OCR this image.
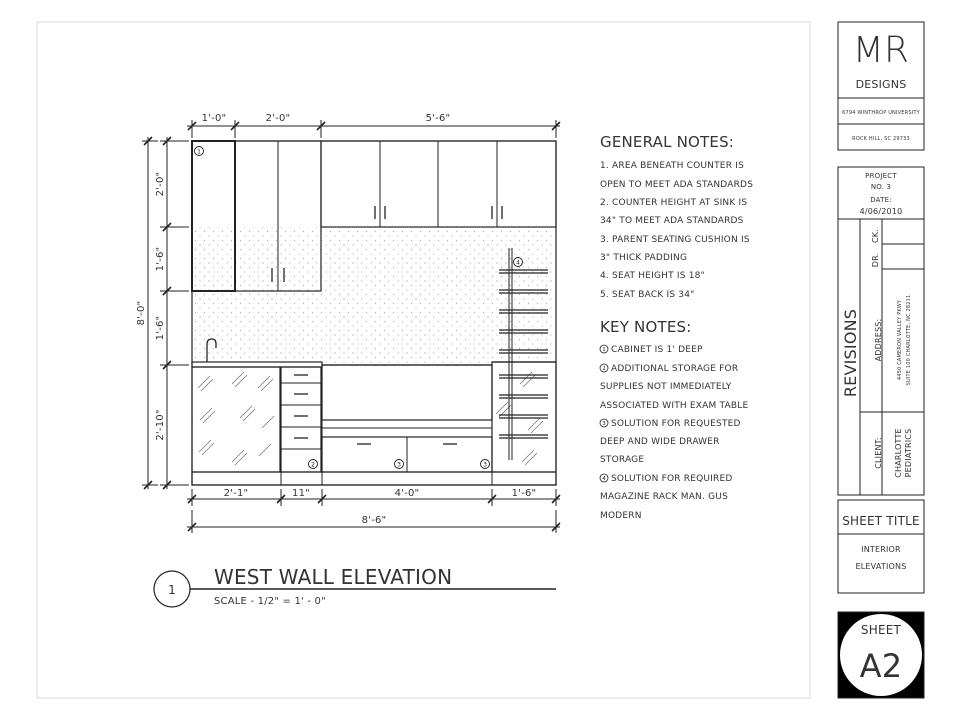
1
2	3	3
4
1'-0"	2'-0"	5'-6"
2'-1"	11"	4'-0"	1'-6"
8'-6"
2'-0"
1'-6"
1'-6"
2'-10"
8'-0"
GENERAL NOTES:
1. AREA BENEATH COUNTER IS
OPEN TO MEET ADA STANDARDS
2. COUNTER HEIGHT AT SINK IS
34" TO MEET ADA STANDARDS
3. PARENT SEATING CUSHION IS
3" THICK PADDING
4. SEAT HEIGHT IS 18"
5. SEAT BACK IS 34"
KEY NOTES:
1
2
3
4
CABINET IS 1' DEEP
ADDITIONAL STORAGE FOR
SUPPLIES NOT IMMEDIATELY
ASSOCIATED WITH EXAM TABLE
SOLUTION FOR REQUESTED
DEEP AND WIDE DRAWER
STORAGE
SOLUTION FOR REQUIRED
MAGAZINE RACK MAN. GUS
MODERN
1
WEST WALL ELEVATION
SCALE - 1/2" = 1' - 0"
MR
DESIGNS
6794 WINTHROP UNIVERSITY
ROCK HILL, SC 29733
PROJECT
NO. 3
DATE:
4/06/2010
CK.
DR.
REVISIONS ADDRESS:	4450 CAMERON VALLEY PKWY SUITE 100 CHARLOTTE, NC 28211
CLIENT: CHARLOTTE PEDIATRICS
SHEET TITLE
INTERIOR
ELEVATIONS
SHEET
A2
